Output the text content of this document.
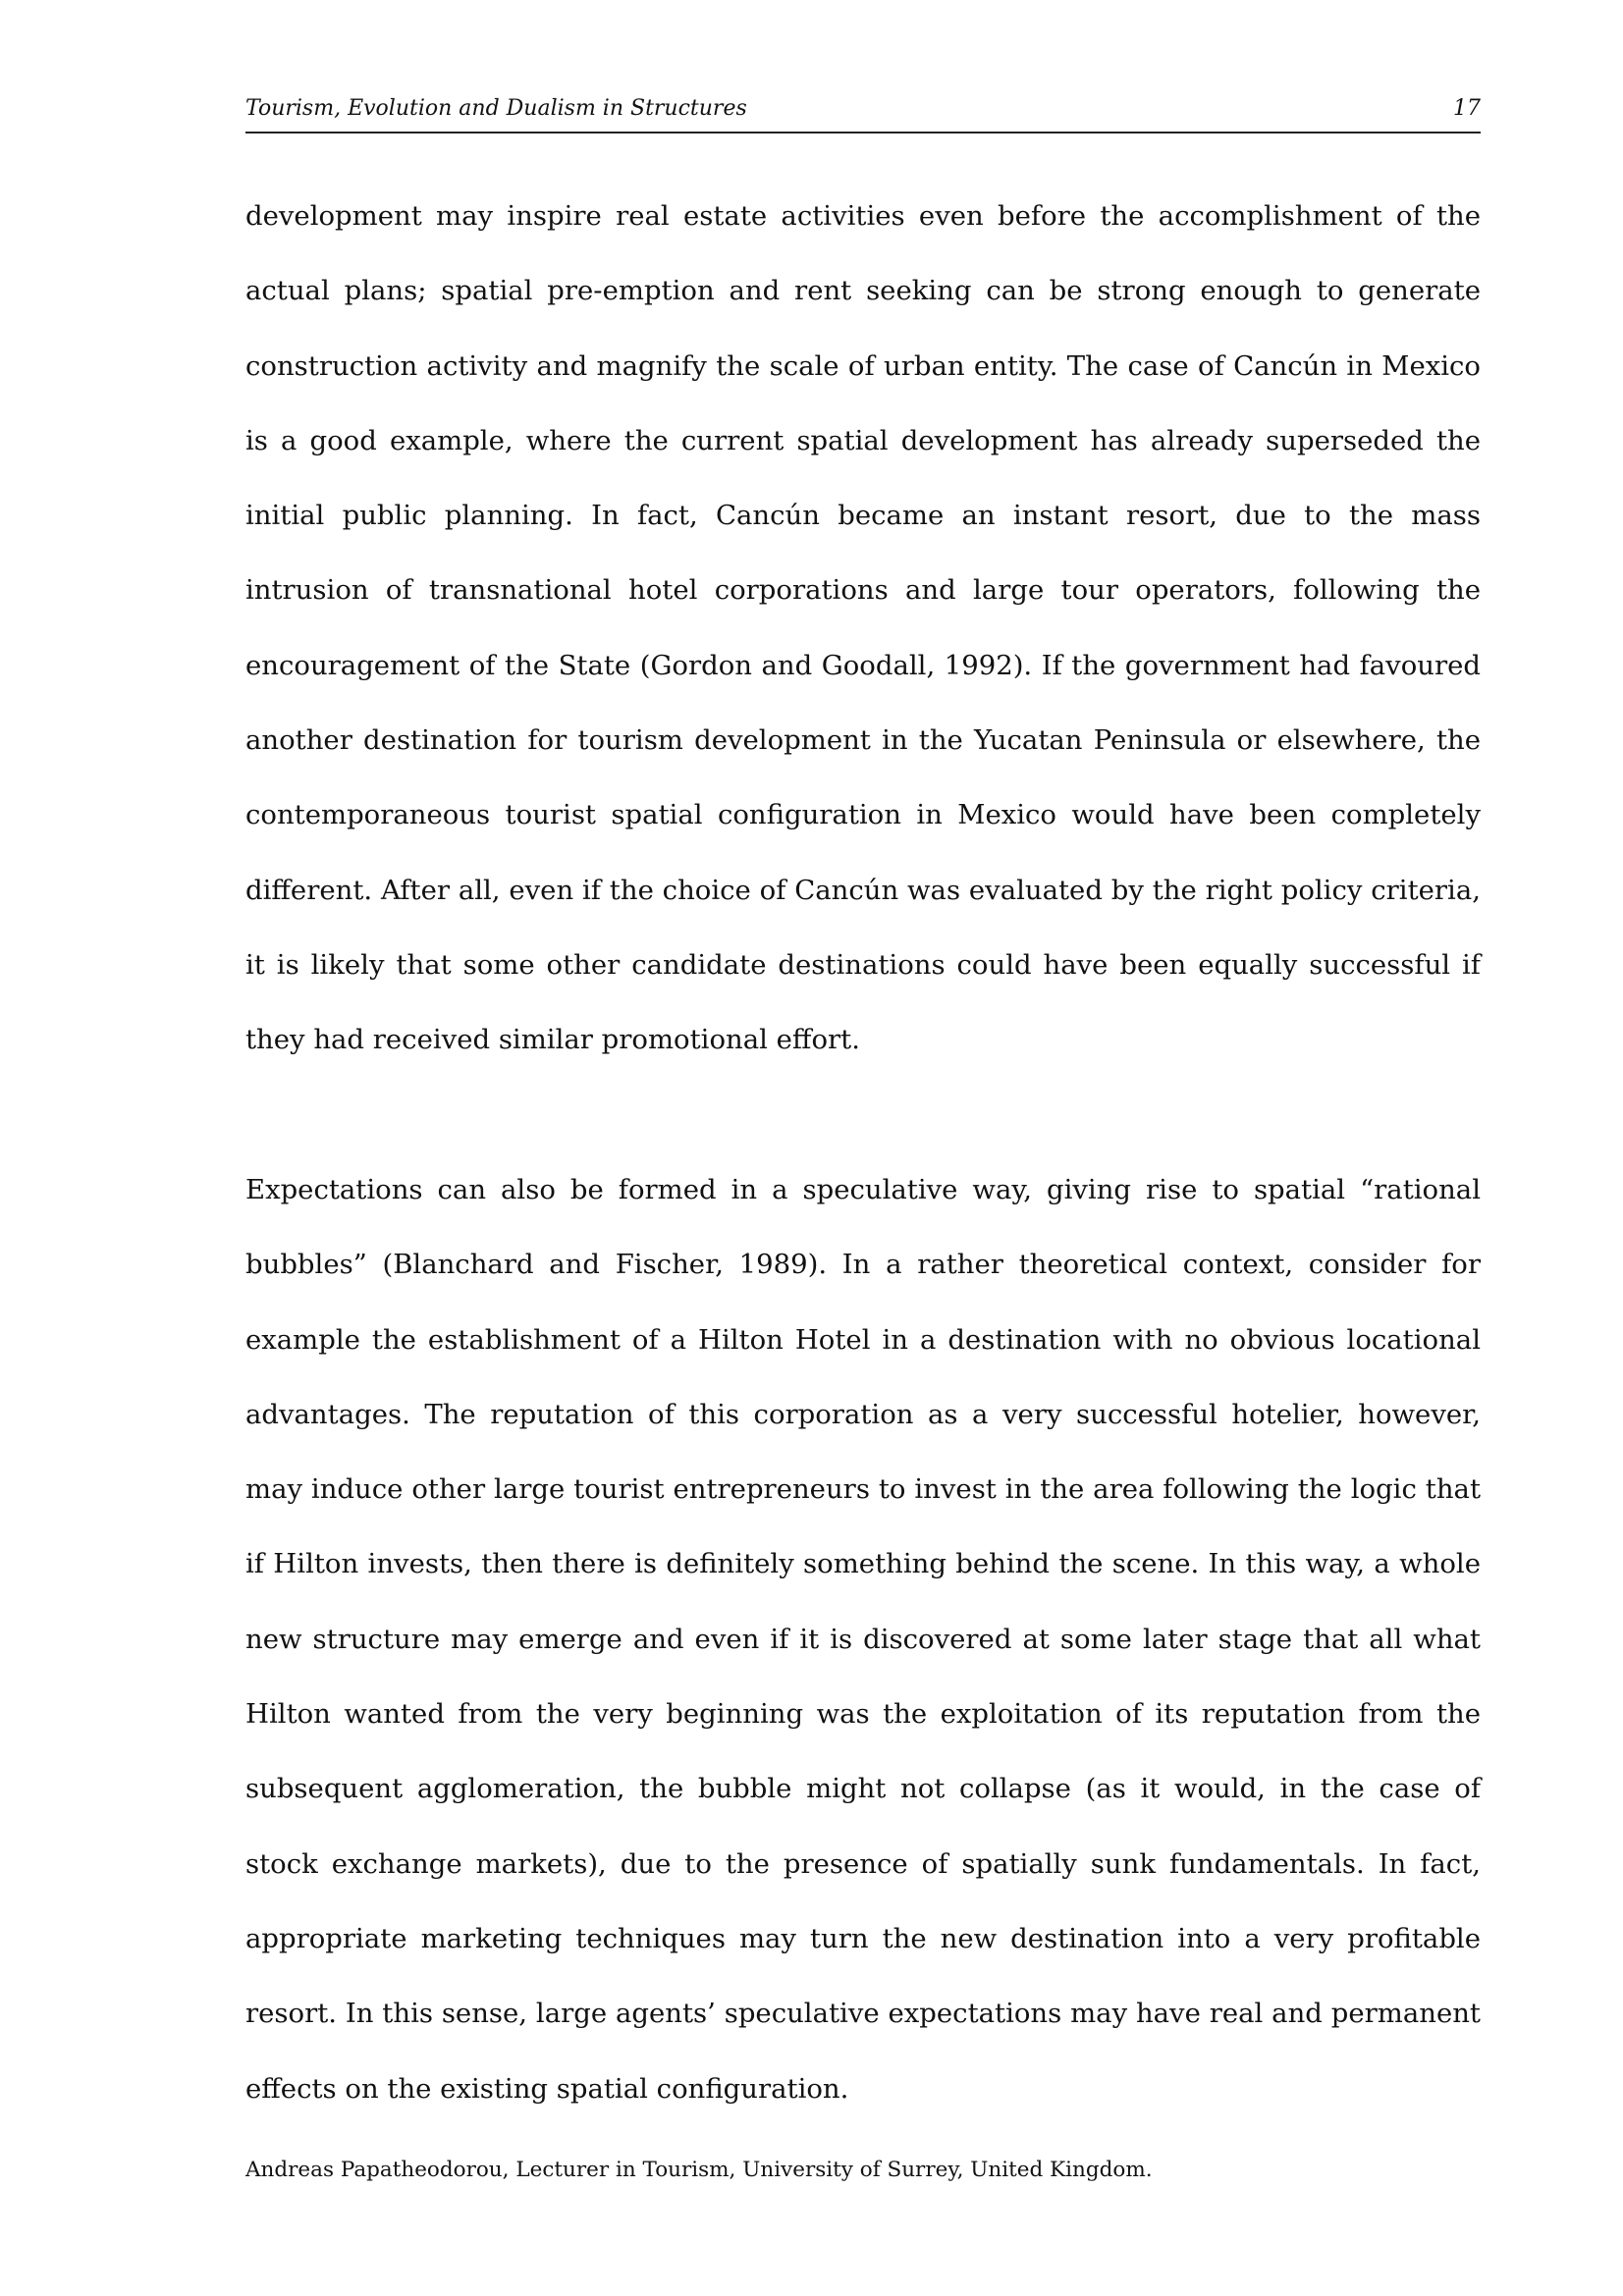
Tourism, Evolution and Dualism in Structures	17

development may inspire real estate activities even before the accomplishment of the actual plans; spatial pre-emption and rent seeking can be strong enough to generate construction activity and magnify the scale of urban entity. The case of Cancún in Mexico is a good example, where the current spatial development has already superseded the initial public planning. In fact, Cancún became an instant resort, due to the mass intrusion of transnational hotel corporations and large tour operators, following the encouragement of the State (Gordon and Goodall, 1992). If the government had favoured another destination for tourism development in the Yucatan Peninsula or elsewhere, the contemporaneous tourist spatial configuration in Mexico would have been completely different. After all, even if the choice of Cancún was evaluated by the right policy criteria, it is likely that some other candidate destinations could have been equally successful if they had received similar promotional effort.

Expectations can also be formed in a speculative way, giving rise to spatial “rational bubbles” (Blanchard and Fischer, 1989). In a rather theoretical context, consider for example the establishment of a Hilton Hotel in a destination with no obvious locational advantages. The reputation of this corporation as a very successful hotelier, however, may induce other large tourist entrepreneurs to invest in the area following the logic that if Hilton invests, then there is definitely something behind the scene. In this way, a whole new structure may emerge and even if it is discovered at some later stage that all what Hilton wanted from the very beginning was the exploitation of its reputation from the subsequent agglomeration, the bubble might not collapse (as it would, in the case of stock exchange markets), due to the presence of spatially sunk fundamentals. In fact, appropriate marketing techniques may turn the new destination into a very profitable resort. In this sense, large agents’ speculative expectations may have real and permanent effects on the existing spatial configuration.

Andreas Papatheodorou, Lecturer in Tourism, University of Surrey, United Kingdom.
